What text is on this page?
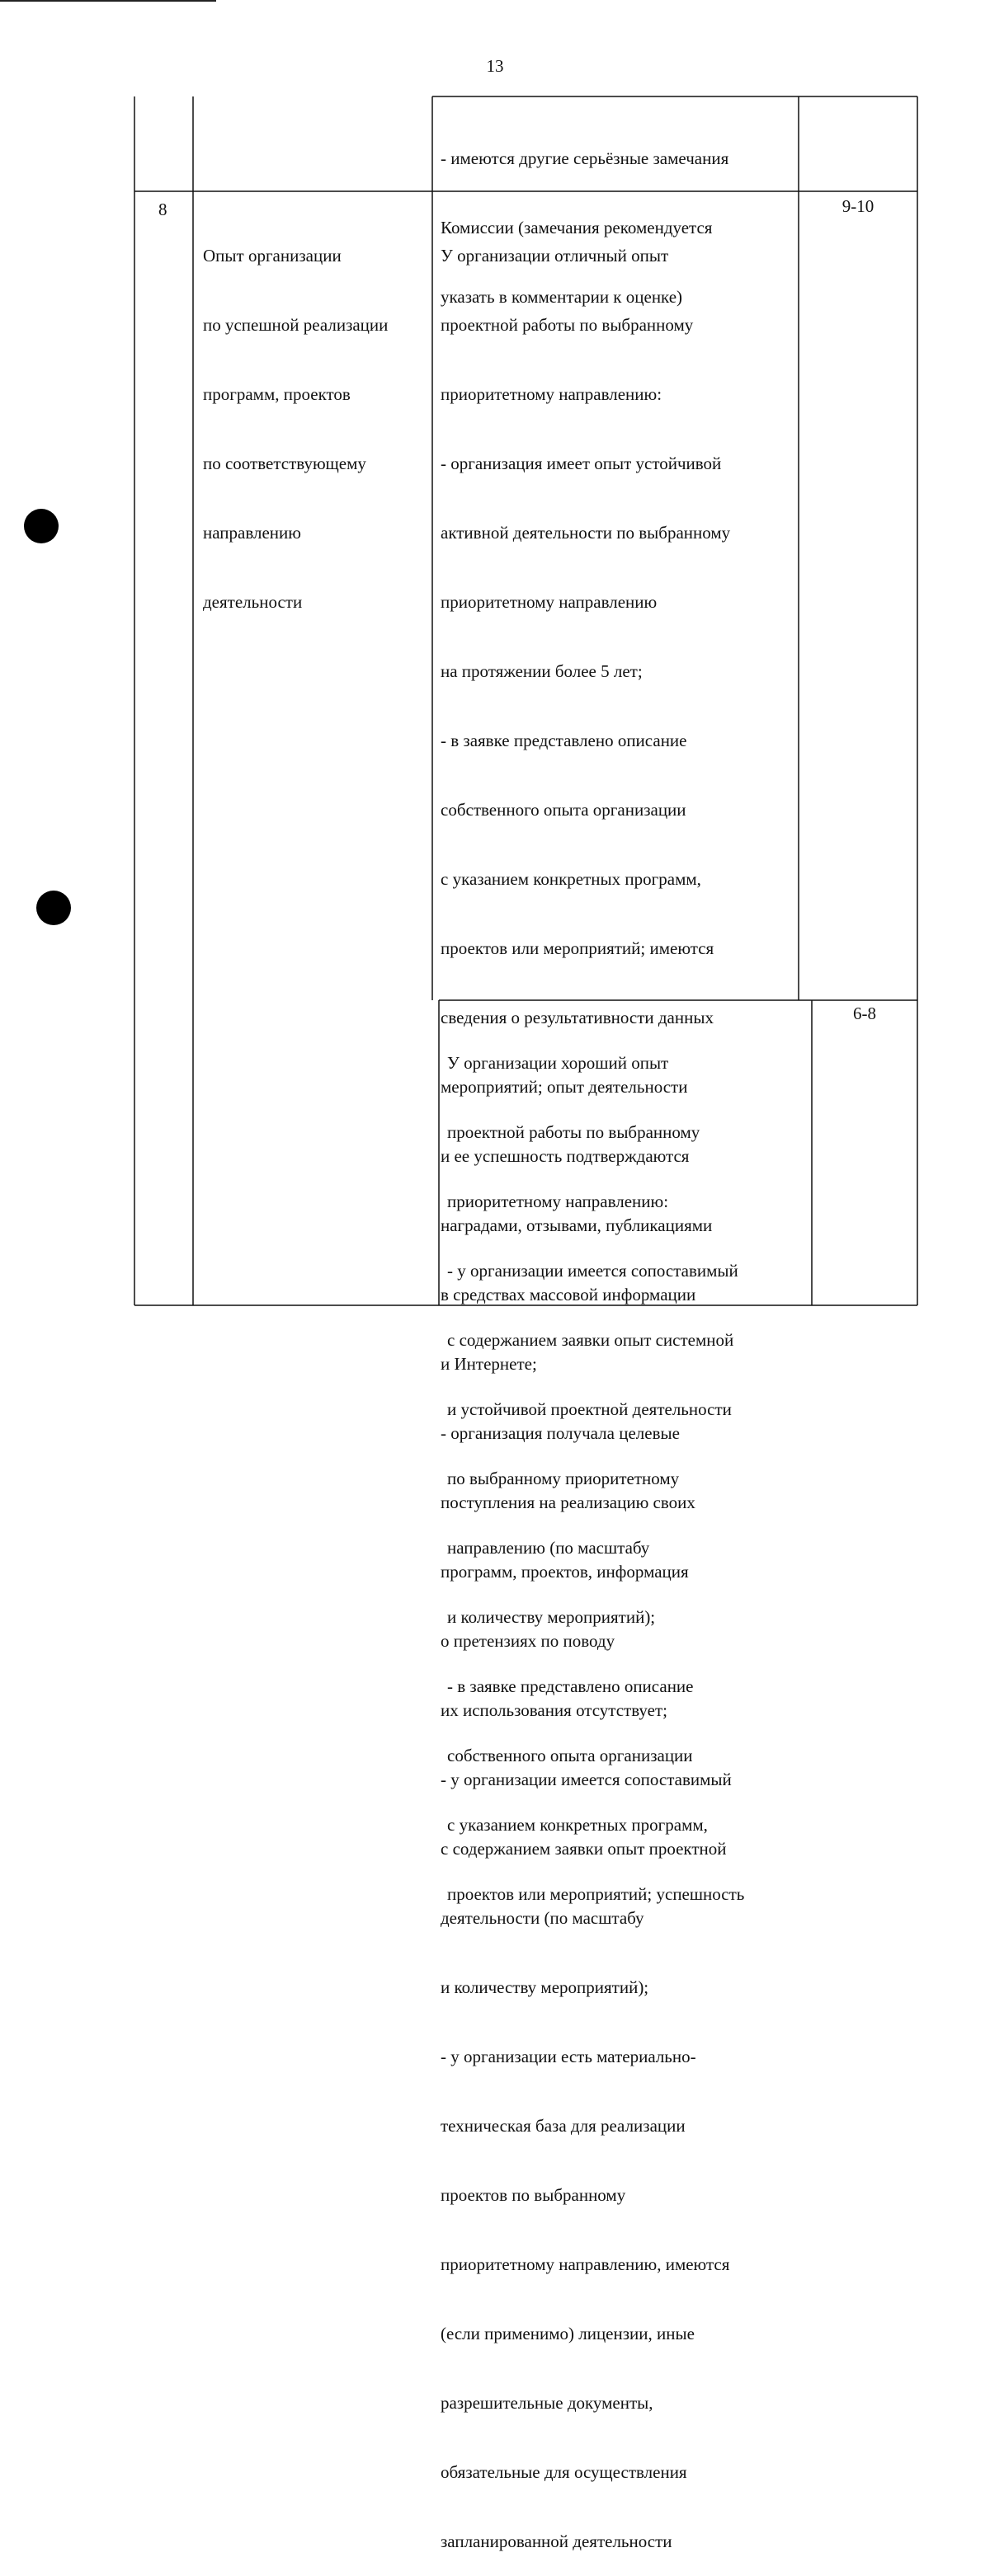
13

- имеются другие серьёзные замечания

Комиссии (замечания рекомендуется

указать в комментарии к оценке)

8

Опыт организации

по успешной реализации

программ, проектов

по соответствующему

направлению

деятельности

У организации отличный опыт

проектной работы по выбранному

приоритетному направлению:

- организация имеет опыт устойчивой

активной деятельности по выбранному

приоритетному направлению

на протяжении более 5 лет;

- в заявке представлено описание

собственного опыта организации

с указанием конкретных программ,

проектов или мероприятий; имеются

сведения о результативности данных

мероприятий; опыт деятельности

и ее успешность подтверждаются

наградами, отзывами, публикациями

в средствах массовой информации

и Интернете;

- организация получала целевые

поступления на реализацию своих

программ, проектов, информация

о претензиях по поводу

их использования отсутствует;

- у организации имеется сопоставимый

с содержанием заявки опыт проектной

деятельности (по масштабу

и количеству мероприятий);

- у организации есть материально-

техническая база для реализации

проектов по выбранному

приоритетному направлению, имеются

(если применимо) лицензии, иные

разрешительные документы,

обязательные для осуществления

запланированной деятельности

9-10

У организации хороший опыт

проектной работы по выбранному

приоритетному направлению:

- у организации имеется сопоставимый

с содержанием заявки опыт системной

и устойчивой проектной деятельности

по выбранному приоритетному

направлению (по масштабу

и количеству мероприятий);

- в заявке представлено описание

собственного опыта организации

с указанием конкретных программ,

проектов или мероприятий; успешность

6-8
